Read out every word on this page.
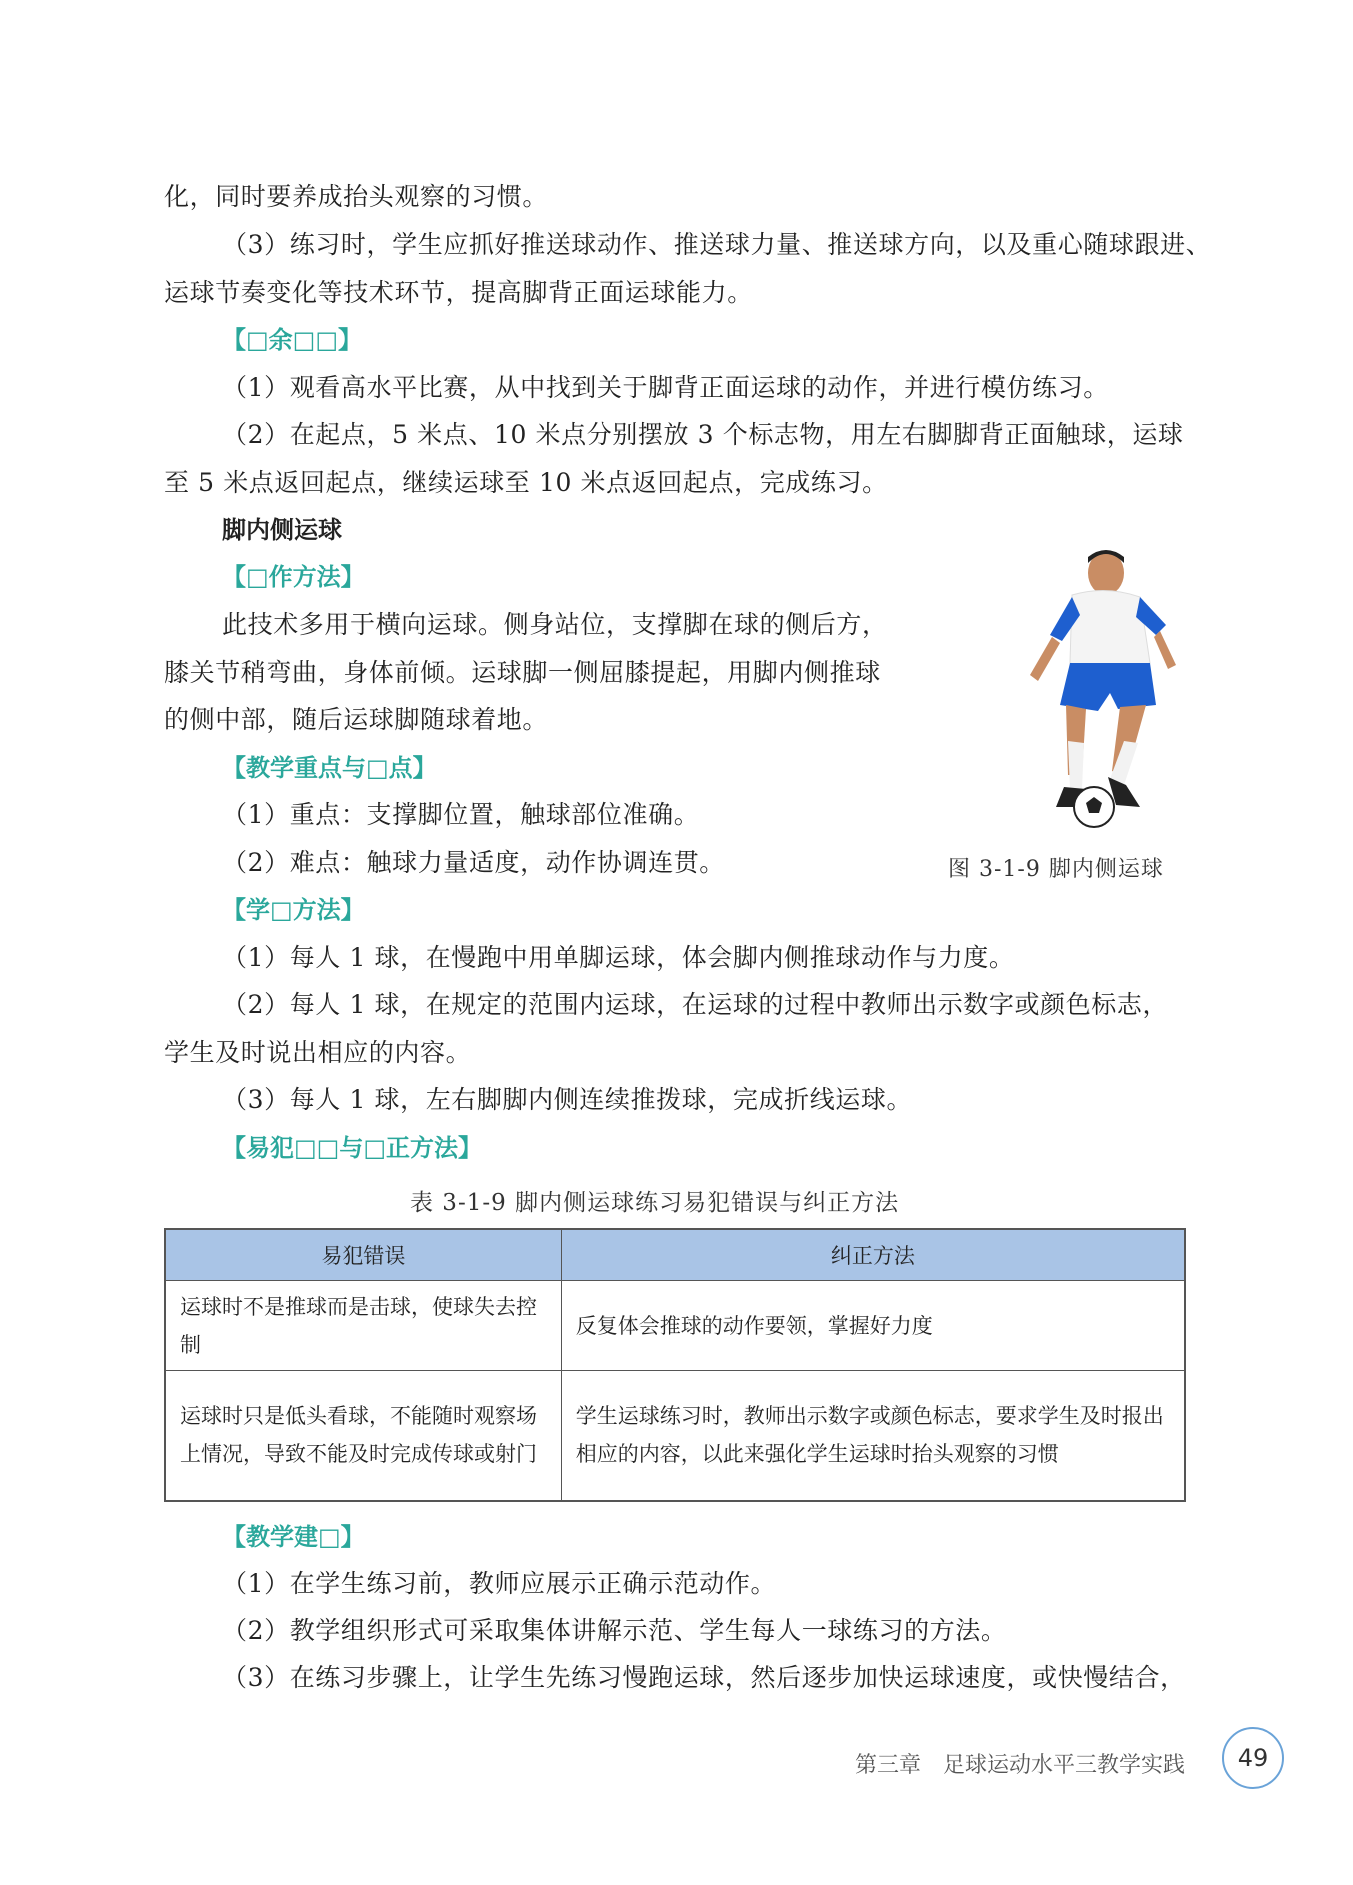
化，同时要养成抬头观察的习惯。
（3）练习时，学生应抓好推送球动作、推送球力量、推送球方向，以及重心随球跟进、
运球节奏变化等技术环节，提高脚背正面运球能力。
【□余□□】
（1）观看高水平比赛，从中找到关于脚背正面运球的动作，并进行模仿练习。
（2）在起点，5 米点、10 米点分别摆放 3 个标志物，用左右脚脚背正面触球，运球
至 5 米点返回起点，继续运球至 10 米点返回起点，完成练习。
脚内侧运球
【□作方法】
此技术多用于横向运球。侧身站位，支撑脚在球的侧后方，
膝关节稍弯曲，身体前倾。运球脚一侧屈膝提起，用脚内侧推球
的侧中部，随后运球脚随球着地。
【教学重点与□点】
（1）重点：支撑脚位置，触球部位准确。
（2）难点：触球力量适度，动作协调连贯。
【学□方法】
（1）每人 1 球，在慢跑中用单脚运球，体会脚内侧推球动作与力度。
（2）每人 1 球，在规定的范围内运球，在运球的过程中教师出示数字或颜色标志，
学生及时说出相应的内容。
（3）每人 1 球，左右脚脚内侧连续推拨球，完成折线运球。
【易犯□□与□正方法】
图 3-1-9 脚内侧运球
表 3-1-9 脚内侧运球练习易犯错误与纠正方法
易犯错误	纠正方法
运球时不是推球而是击球，使球失去控制	反复体会推球的动作要领，掌握好力度
运球时只是低头看球，不能随时观察场上情况，导致不能及时完成传球或射门	学生运球练习时，教师出示数字或颜色标志，要求学生及时报出相应的内容，以此来强化学生运球时抬头观察的习惯
【教学建□】
（1）在学生练习前，教师应展示正确示范动作。
（2）教学组织形式可采取集体讲解示范、学生每人一球练习的方法。
（3）在练习步骤上，让学生先练习慢跑运球，然后逐步加快运球速度，或快慢结合，
第三章　足球运动水平三教学实践	49
